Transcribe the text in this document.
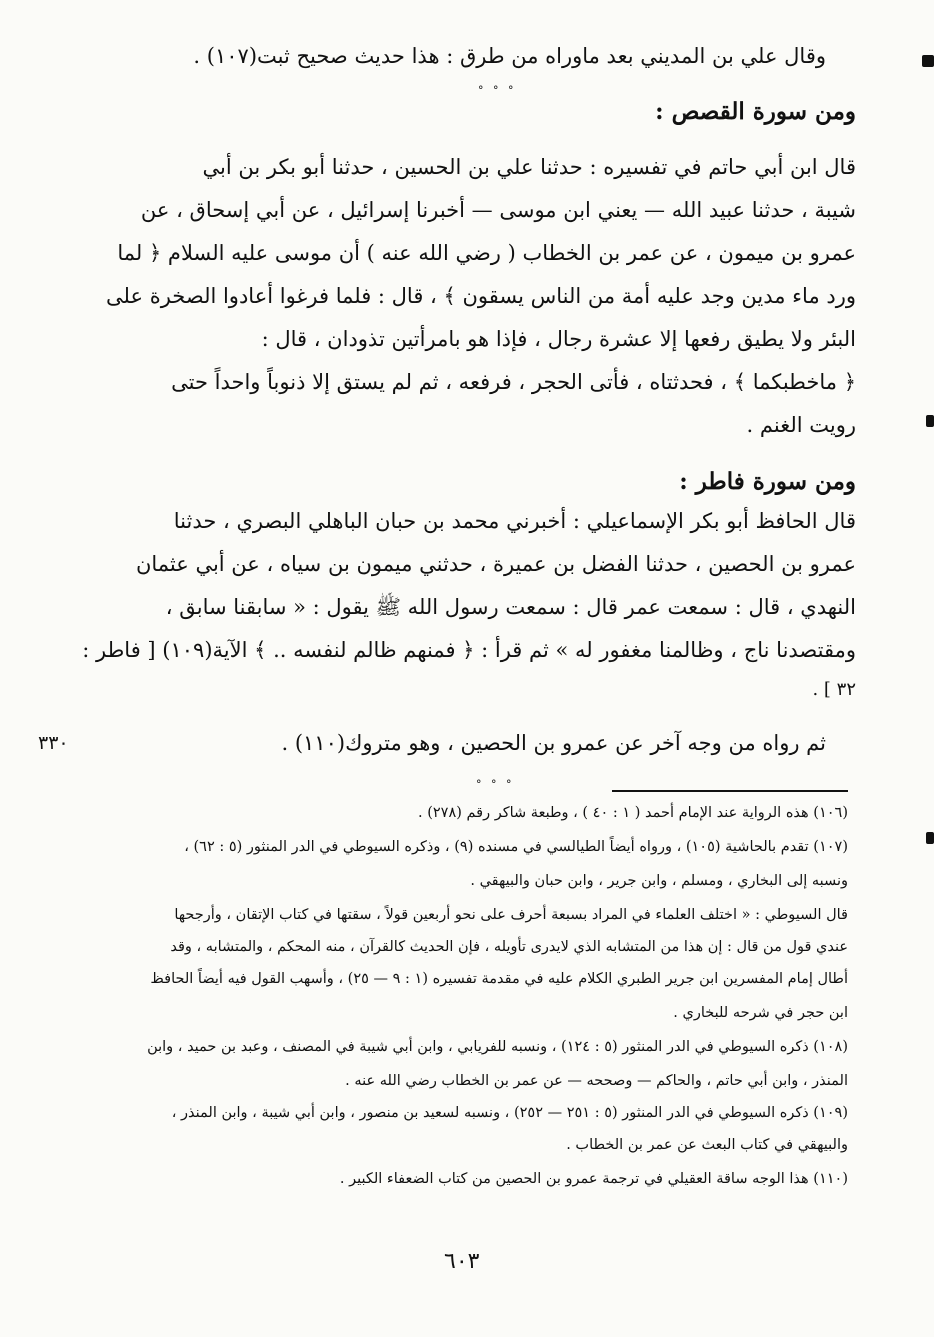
وقال علي بن المديني بعد ماوراه من طرق : هذا حديث صحيح ثبت(١٠٧) .
° ° °
ومن سورة القصص :
قال ابن أبي حاتم في تفسيره : حدثنا علي بن الحسين ، حدثنا أبو بكر بن أبي
شيبة ، حدثنا عبيد الله — يعني ابن موسى — أخبرنا إسرائيل ، عن أبي إسحاق ، عن
عمرو بن ميمون ، عن عمر بن الخطاب ( رضي الله عنه ) أن موسى عليه السلام ﴿ لما
ورد ماء مدين وجد عليه أمة من الناس يسقون ﴾ ، قال : فلما فرغوا أعادوا الصخرة على
البئر ولا يطيق رفعها إلا عشرة رجال ، فإذا هو بامرأتين تذودان ، قال :
﴿ ماخطبكما ﴾ ، فحدثتاه ، فأتى الحجر ، فرفعه ، ثم لم يستق إلا ذنوباً واحداً حتى
رويت الغنم .
ومن سورة فاطر :
قال الحافظ أبو بكر الإسماعيلي : أخبرني محمد بن حبان الباهلي البصري ، حدثنا
عمرو بن الحصين ، حدثنا الفضل بن عميرة ، حدثني ميمون بن سياه ، عن أبي عثمان
النهدي ، قال : سمعت عمر قال : سمعت رسول الله ﷺ يقول : « سابقنا سابق ،
ومقتصدنا ناج ، وظالمنا مغفور له » ثم قرأ : ﴿ فمنهم ظالم لنفسه .. ﴾ الآية(١٠٩) [ فاطر :
٣٢ ] .
ثم رواه من وجه آخر عن عمرو بن الحصين ، وهو متروك(١١٠) .
٣٣٠
° ° °
(١٠٦) هذه الرواية عند الإمام أحمد ( ١ : ٤٠ ) ، وطبعة شاكر رقم (٢٧٨) .
(١٠٧) تقدم بالحاشية (١٠٥) ، ورواه أيضاً الطيالسي في مسنده (٩) ، وذكره السيوطي في الدر المنثور (٥ : ٦٢) ،
ونسبه إلى البخاري ، ومسلم ، وابن جرير ، وابن حبان والبيهقي .
قال السيوطي : « اختلف العلماء في المراد بسبعة أحرف على نحو أربعين قولاً ، سقتها في كتاب الإتقان ، وأرجحها
عندي قول من قال : إن هذا من المتشابه الذي لايدرى تأويله ، فإن الحديث كالقرآن ، منه المحكم ، والمتشابه ، وقد
أطال إمام المفسرين ابن جرير الطبري الكلام عليه في مقدمة تفسيره (١ : ٩ — ٢٥) ، وأسهب القول فيه أيضاً الحافظ
ابن حجر في شرحه للبخاري .
(١٠٨) ذكره السيوطي في الدر المنثور (٥ : ١٢٤) ، ونسبه للفريابي ، وابن أبي شيبة في المصنف ، وعبد بن حميد ، وابن
المنذر ، وابن أبي حاتم ، والحاكم — وصححه — عن عمر بن الخطاب رضي الله عنه .
(١٠٩) ذكره السيوطي في الدر المنثور (٥ : ٢٥١ — ٢٥٢) ، ونسبه لسعيد بن منصور ، وابن أبي شيبة ، وابن المنذر ،
والبيهقي في كتاب البعث عن عمر بن الخطاب .
(١١٠) هذا الوجه ساقة العقيلي في ترجمة عمرو بن الحصين من كتاب الضعفاء الكبير .
٦٠٣
